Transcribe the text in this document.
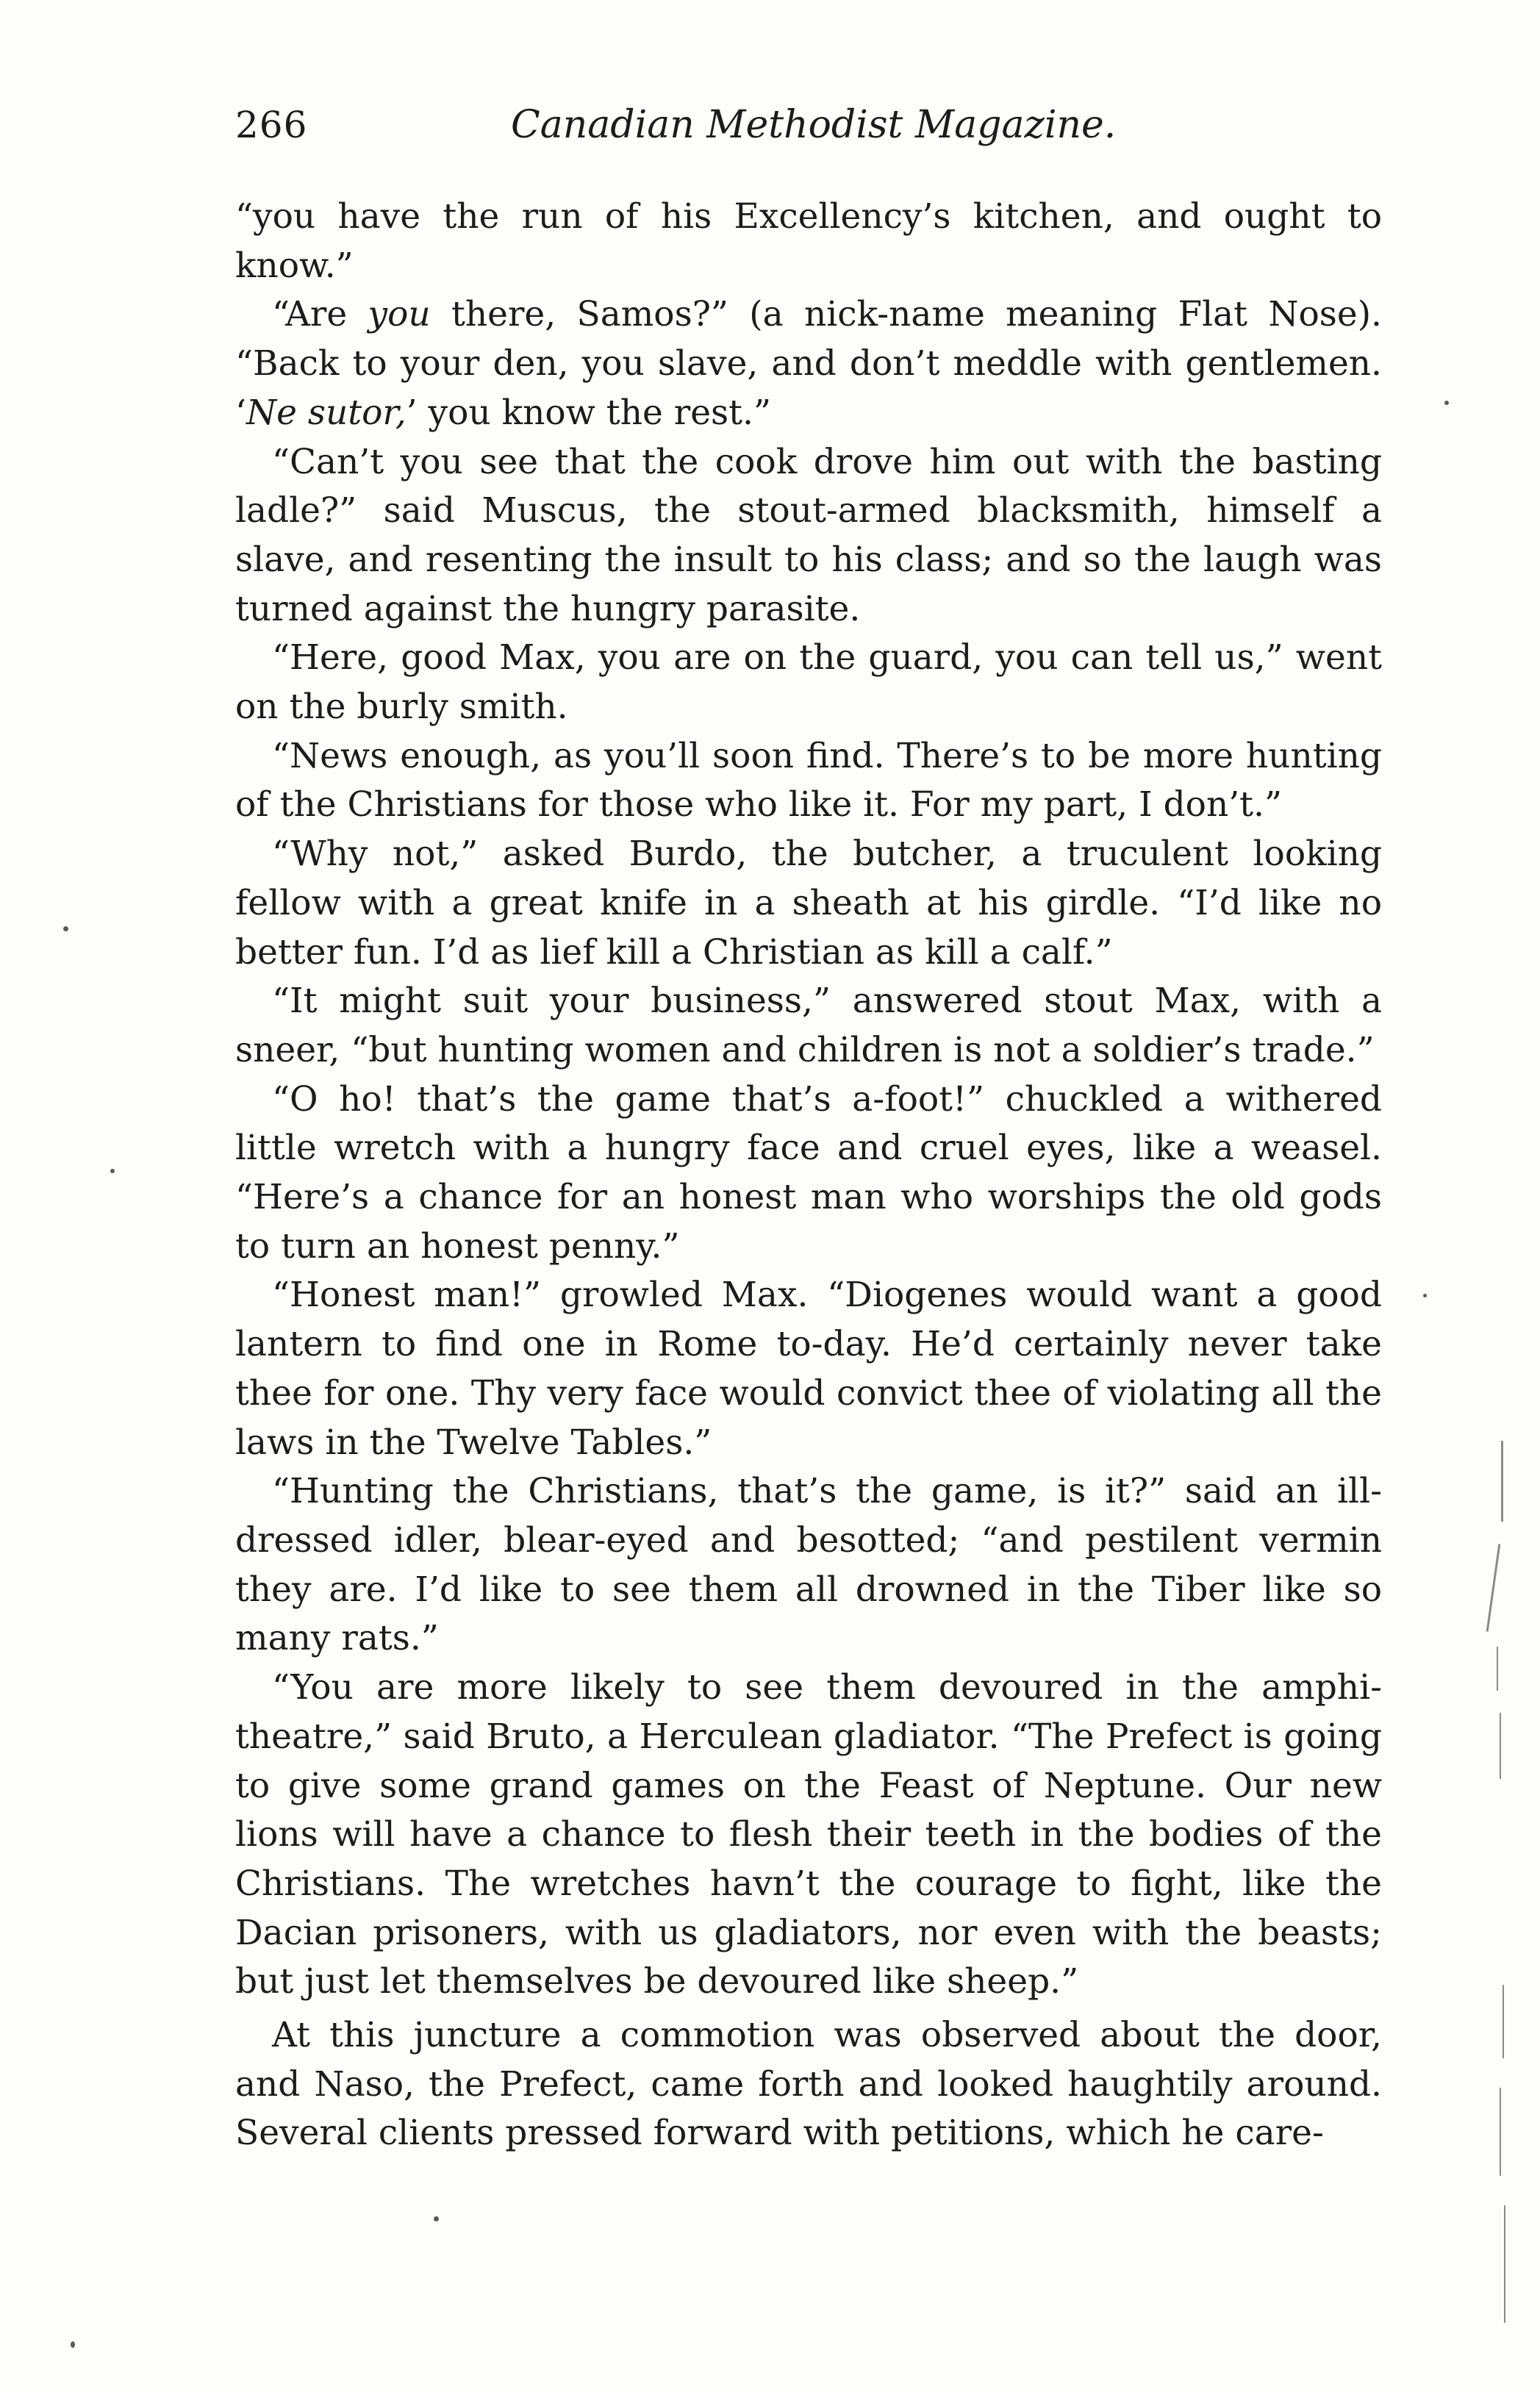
266	Canadian Methodist Magazine.

“you have the run of his Excellency’s kitchen, and ought to know.”

“Are you there, Samos?” (a nick-name meaning Flat Nose). “Back to your den, you slave, and don’t meddle with gentlemen. ‘Ne sutor,’ you know the rest.”

“Can’t you see that the cook drove him out with the basting ladle?” said Muscus, the stout-armed blacksmith, himself a slave, and resenting the insult to his class; and so the laugh was turned against the hungry parasite.

“Here, good Max, you are on the guard, you can tell us,” went on the burly smith.

“News enough, as you’ll soon find. There’s to be more hunting of the Christians for those who like it. For my part, I don’t.”

“Why not,” asked Burdo, the butcher, a truculent looking fellow with a great knife in a sheath at his girdle. “I’d like no better fun. I’d as lief kill a Christian as kill a calf.”

“It might suit your business,” answered stout Max, with a sneer, “but hunting women and children is not a soldier’s trade.”

“O ho! that’s the game that’s a-foot!” chuckled a withered little wretch with a hungry face and cruel eyes, like a weasel. “Here’s a chance for an honest man who worships the old gods to turn an honest penny.”

“Honest man!” growled Max. “Diogenes would want a good lantern to find one in Rome to-day. He’d certainly never take thee for one. Thy very face would convict thee of violating all the laws in the Twelve Tables.”

“Hunting the Christians, that’s the game, is it?” said an ill-dressed idler, blear-eyed and besotted; “and pestilent vermin they are. I’d like to see them all drowned in the Tiber like so many rats.”

“You are more likely to see them devoured in the amphitheatre,” said Bruto, a Herculean gladiator. “The Prefect is going to give some grand games on the Feast of Neptune. Our new lions will have a chance to flesh their teeth in the bodies of the Christians. The wretches havn’t the courage to fight, like the Dacian prisoners, with us gladiators, nor even with the beasts; but just let themselves be devoured like sheep.”

At this juncture a commotion was observed about the door, and Naso, the Prefect, came forth and looked haughtily around. Several clients pressed forward with petitions, which he care-
